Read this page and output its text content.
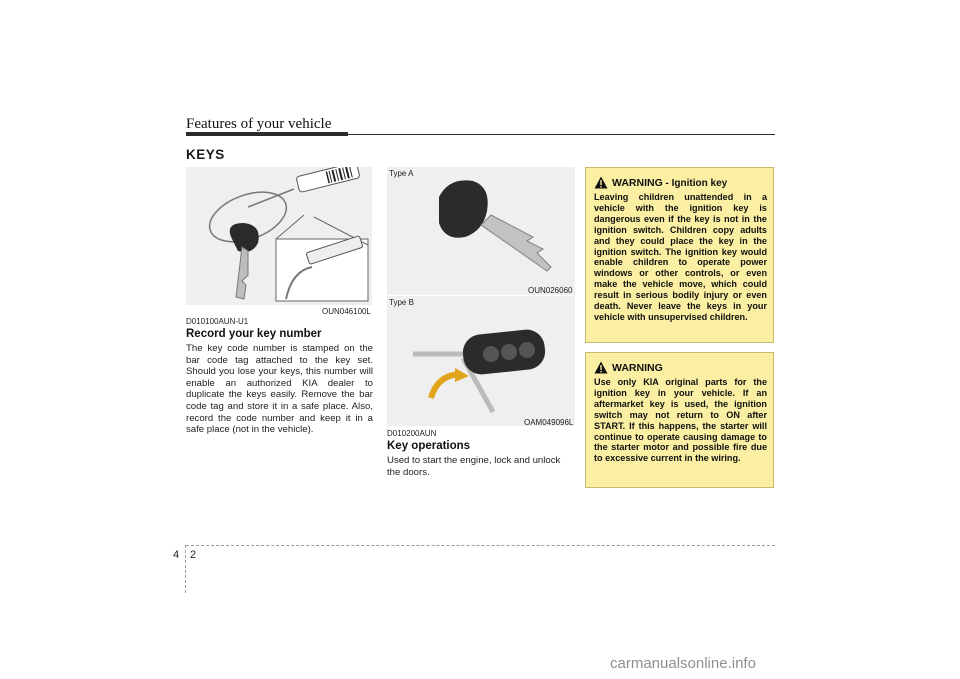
Features of your vehicle
KEYS
OUN046100L
Type A
OUN026060
Type B
OAM049096L
D010100AUN-U1
Record your key number
The key code number is stamped on the bar code tag attached to the key set. Should you lose your keys, this number will enable an authorized KIA dealer to duplicate the keys easily. Remove the bar code tag and store it in a safe place. Also, record the code number and keep it in a safe place (not in the vehicle).	D010200AUN
Key operations
Used to start the engine, lock and unlock the doors.
WARNING - Ignition key
Leaving children unattended in a vehicle with the ignition key is dangerous even if the key is not in the ignition switch. Children copy adults and they could place the key in the ignition switch. The ignition key would enable children to operate power windows or other controls, or even make the vehicle move, which could result in serious bodily injury or even death. Never leave the keys in your vehicle with unsupervised children.
WARNING
Use only KIA original parts for the ignition key in your vehicle. If an aftermarket key is used, the ignition switch may not return to ON after START. If this happens, the starter will continue to operate causing damage to the starter motor and possible fire due to excessive current in the wiring.
4 2
carmanualsonline.info
